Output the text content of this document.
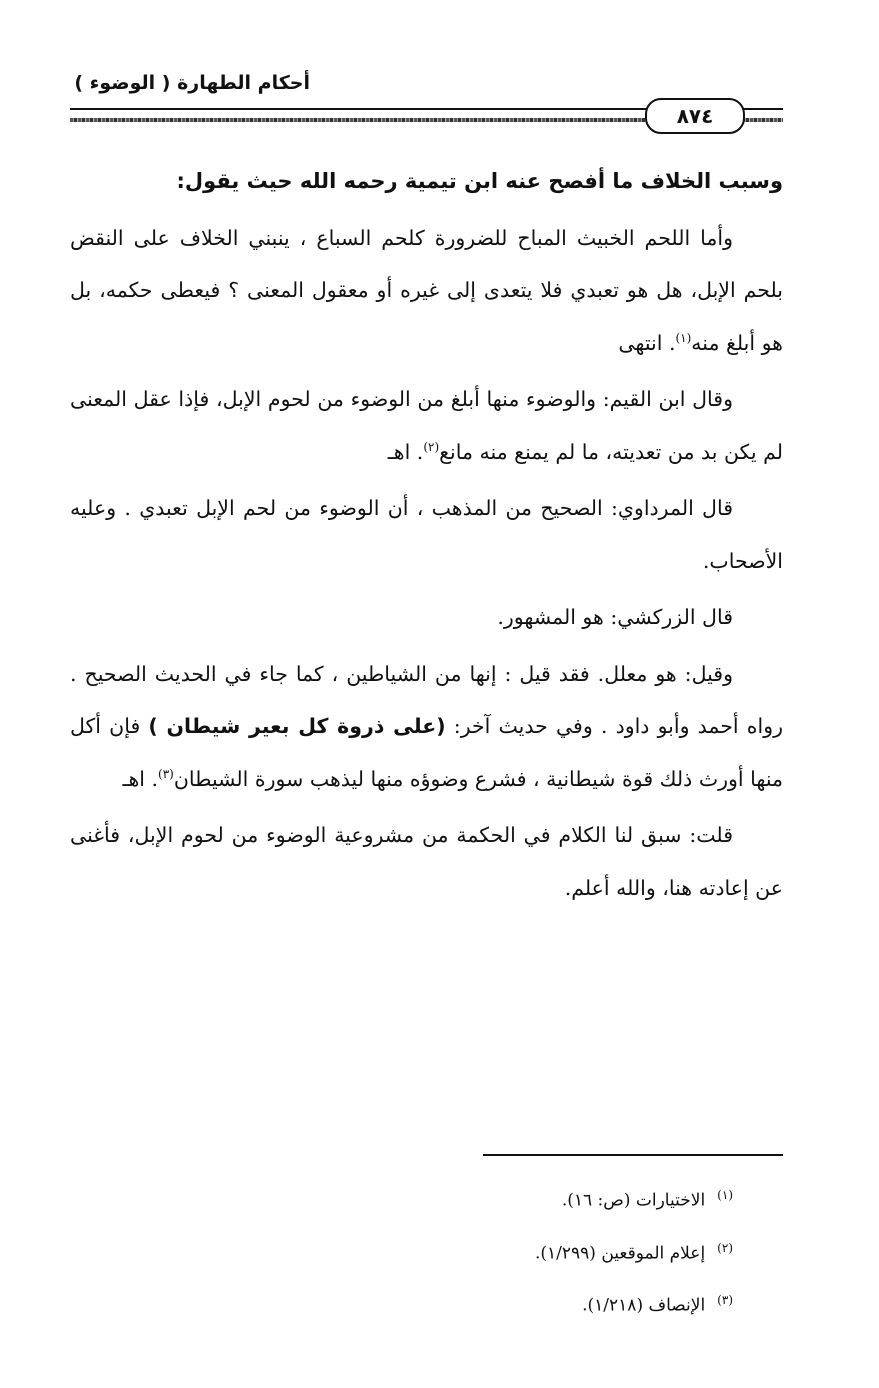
أحكام الطهارة ( الوضوء )
٨٧٤

وسبب الخلاف ما أفصح عنه ابن تيمية رحمه الله حيث يقول:

وأما اللحم الخبيث المباح للضرورة كلحم السباع ، ينبني الخلاف على النقض بلحم الإبل، هل هو تعبدي فلا يتعدى إلى غيره أو معقول المعنى ؟ فيعطى حكمه، بل هو أبلغ منه$^{(١)}$. انتهى

وقال ابن القيم: والوضوء منها أبلغ من الوضوء من لحوم الإبل، فإذا عقل المعنى لم يكن بد من تعديته، ما لم يمنع منه مانع$^{(٢)}$. اهـ

قال المرداوي: الصحيح من المذهب ، أن الوضوء من لحم الإبل تعبدي . وعليه الأصحاب.

قال الزركشي: هو المشهور.

وقيل: هو معلل. فقد قيل : إنها من الشياطين ، كما جاء في الحديث الصحيح . رواه أحمد وأبو داود . وفي حديث آخر: (على ذروة كل بعير شيطان ) فإن أكل منها أورث ذلك قوة شيطانية ، فشرع وضوؤه منها ليذهب سورة الشيطان$^{(٣)}$. اهـ

قلت: سبق لنا الكلام في الحكمة من مشروعية الوضوء من لحوم الإبل، فأغنى عن إعادته هنا، والله أعلم.

$^{(١)}$الاختيارات (ص: ١٦).
$^{(٢)}$إعلام الموقعين (١/٢٩٩).
$^{(٣)}$الإنصاف (١/٢١٨).
